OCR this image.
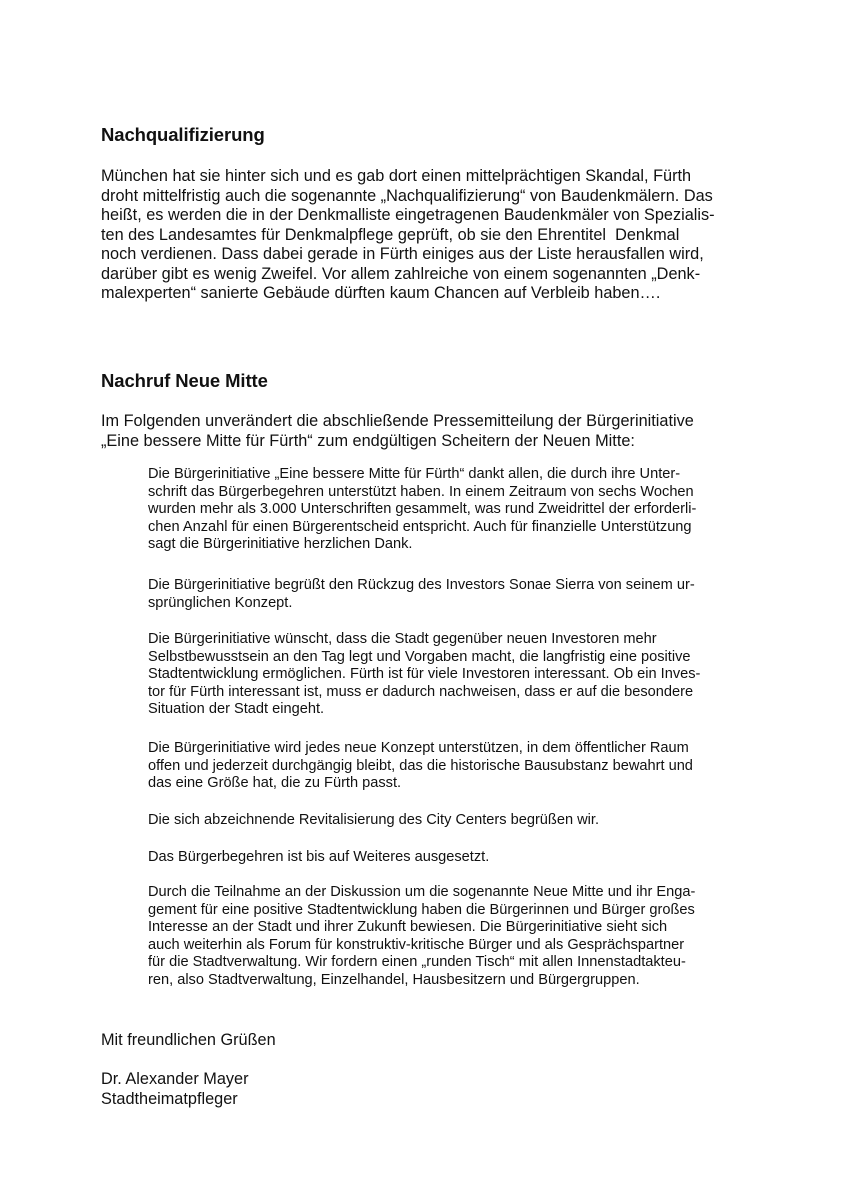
Nachqualifizierung
München hat sie hinter sich und es gab dort einen mittelprächtigen Skandal, Fürth
droht mittelfristig auch die sogenannte „Nachqualifizierung“ von Baudenkmälern. Das
heißt, es werden die in der Denkmalliste eingetragenen Baudenkmäler von Spezialis-
ten des Landesamtes für Denkmalpflege geprüft, ob sie den Ehrentitel  Denkmal
noch verdienen. Dass dabei gerade in Fürth einiges aus der Liste herausfallen wird,
darüber gibt es wenig Zweifel. Vor allem zahlreiche von einem sogenannten „Denk-
malexperten“ sanierte Gebäude dürften kaum Chancen auf Verbleib haben….
Nachruf Neue Mitte
Im Folgenden unverändert die abschließende Pressemitteilung der Bürgerinitiative
„Eine bessere Mitte für Fürth“ zum endgültigen Scheitern der Neuen Mitte:
Die Bürgerinitiative „Eine bessere Mitte für Fürth“ dankt allen, die durch ihre Unter-
schrift das Bürgerbegehren unterstützt haben. In einem Zeitraum von sechs Wochen
wurden mehr als 3.000 Unterschriften gesammelt, was rund Zweidrittel der erforderli-
chen Anzahl für einen Bürgerentscheid entspricht. Auch für finanzielle Unterstützung
sagt die Bürgerinitiative herzlichen Dank.
Die Bürgerinitiative begrüßt den Rückzug des Investors Sonae Sierra von seinem ur-
sprünglichen Konzept.
Die Bürgerinitiative wünscht, dass die Stadt gegenüber neuen Investoren mehr
Selbstbewusstsein an den Tag legt und Vorgaben macht, die langfristig eine positive
Stadtentwicklung ermöglichen. Fürth ist für viele Investoren interessant. Ob ein Inves-
tor für Fürth interessant ist, muss er dadurch nachweisen, dass er auf die besondere
Situation der Stadt eingeht.
Die Bürgerinitiative wird jedes neue Konzept unterstützen, in dem öffentlicher Raum
offen und jederzeit durchgängig bleibt, das die historische Bausubstanz bewahrt und
das eine Größe hat, die zu Fürth passt.
Die sich abzeichnende Revitalisierung des City Centers begrüßen wir.
Das Bürgerbegehren ist bis auf Weiteres ausgesetzt.
Durch die Teilnahme an der Diskussion um die sogenannte Neue Mitte und ihr Enga-
gement für eine positive Stadtentwicklung haben die Bürgerinnen und Bürger großes
Interesse an der Stadt und ihrer Zukunft bewiesen. Die Bürgerinitiative sieht sich
auch weiterhin als Forum für konstruktiv-kritische Bürger und als Gesprächspartner
für die Stadtverwaltung. Wir fordern einen „runden Tisch“ mit allen Innenstadtakteu-
ren, also Stadtverwaltung, Einzelhandel, Hausbesitzern und Bürgergruppen.
Mit freundlichen Grüßen
Dr. Alexander Mayer
Stadtheimatpfleger
